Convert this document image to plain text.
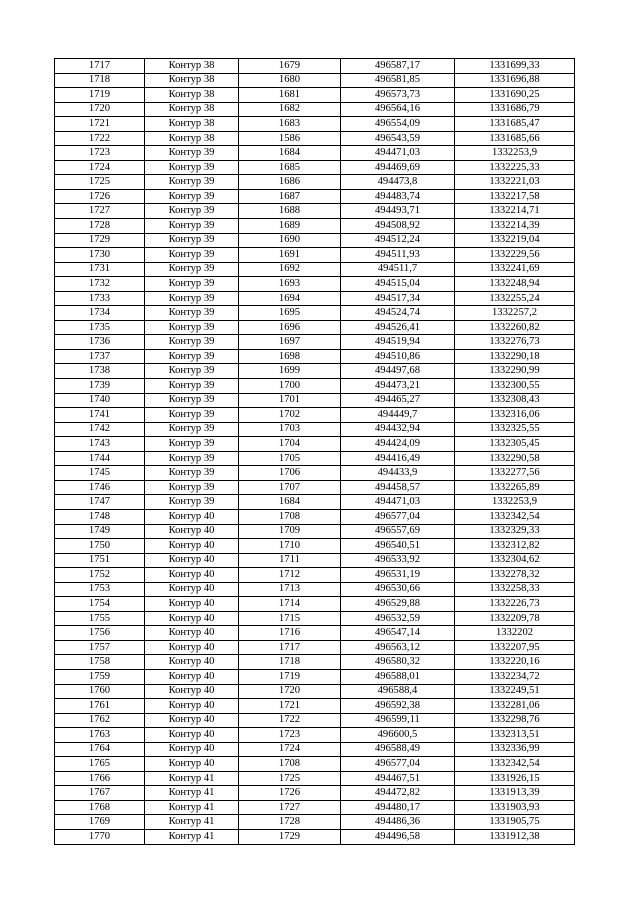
1717	Контур 38	1679	496587,17	1331699,33
1718	Контур 38	1680	496581,85	1331696,88
1719	Контур 38	1681	496573,73	1331690,25
1720	Контур 38	1682	496564,16	1331686,79
1721	Контур 38	1683	496554,09	1331685,47
1722	Контур 38	1586	496543,59	1331685,66
1723	Контур 39	1684	494471,03	1332253,9
1724	Контур 39	1685	494469,69	1332225,33
1725	Контур 39	1686	494473,8	1332221,03
1726	Контур 39	1687	494483,74	1332217,58
1727	Контур 39	1688	494493,71	1332214,71
1728	Контур 39	1689	494508,92	1332214,39
1729	Контур 39	1690	494512,24	1332219,04
1730	Контур 39	1691	494511,93	1332229,56
1731	Контур 39	1692	494511,7	1332241,69
1732	Контур 39	1693	494515,04	1332248,94
1733	Контур 39	1694	494517,34	1332255,24
1734	Контур 39	1695	494524,74	1332257,2
1735	Контур 39	1696	494526,41	1332260,82
1736	Контур 39	1697	494519,94	1332276,73
1737	Контур 39	1698	494510,86	1332290,18
1738	Контур 39	1699	494497,68	1332290,99
1739	Контур 39	1700	494473,21	1332300,55
1740	Контур 39	1701	494465,27	1332308,43
1741	Контур 39	1702	494449,7	1332316,06
1742	Контур 39	1703	494432,94	1332325,55
1743	Контур 39	1704	494424,09	1332305,45
1744	Контур 39	1705	494416,49	1332290,58
1745	Контур 39	1706	494433,9	1332277,56
1746	Контур 39	1707	494458,57	1332265,89
1747	Контур 39	1684	494471,03	1332253,9
1748	Контур 40	1708	496577,04	1332342,54
1749	Контур 40	1709	496557,69	1332329,33
1750	Контур 40	1710	496540,51	1332312,82
1751	Контур 40	1711	496533,92	1332304,62
1752	Контур 40	1712	496531,19	1332278,32
1753	Контур 40	1713	496530,66	1332258,33
1754	Контур 40	1714	496529,88	1332226,73
1755	Контур 40	1715	496532,59	1332209,78
1756	Контур 40	1716	496547,14	1332202
1757	Контур 40	1717	496563,12	1332207,95
1758	Контур 40	1718	496580,32	1332220,16
1759	Контур 40	1719	496588,01	1332234,72
1760	Контур 40	1720	496588,4	1332249,51
1761	Контур 40	1721	496592,38	1332281,06
1762	Контур 40	1722	496599,11	1332298,76
1763	Контур 40	1723	496600,5	1332313,51
1764	Контур 40	1724	496588,49	1332336,99
1765	Контур 40	1708	496577,04	1332342,54
1766	Контур 41	1725	494467,51	1331926,15
1767	Контур 41	1726	494472,82	1331913,39
1768	Контур 41	1727	494480,17	1331903,93
1769	Контур 41	1728	494486,36	1331905,75
1770	Контур 41	1729	494496,58	1331912,38
